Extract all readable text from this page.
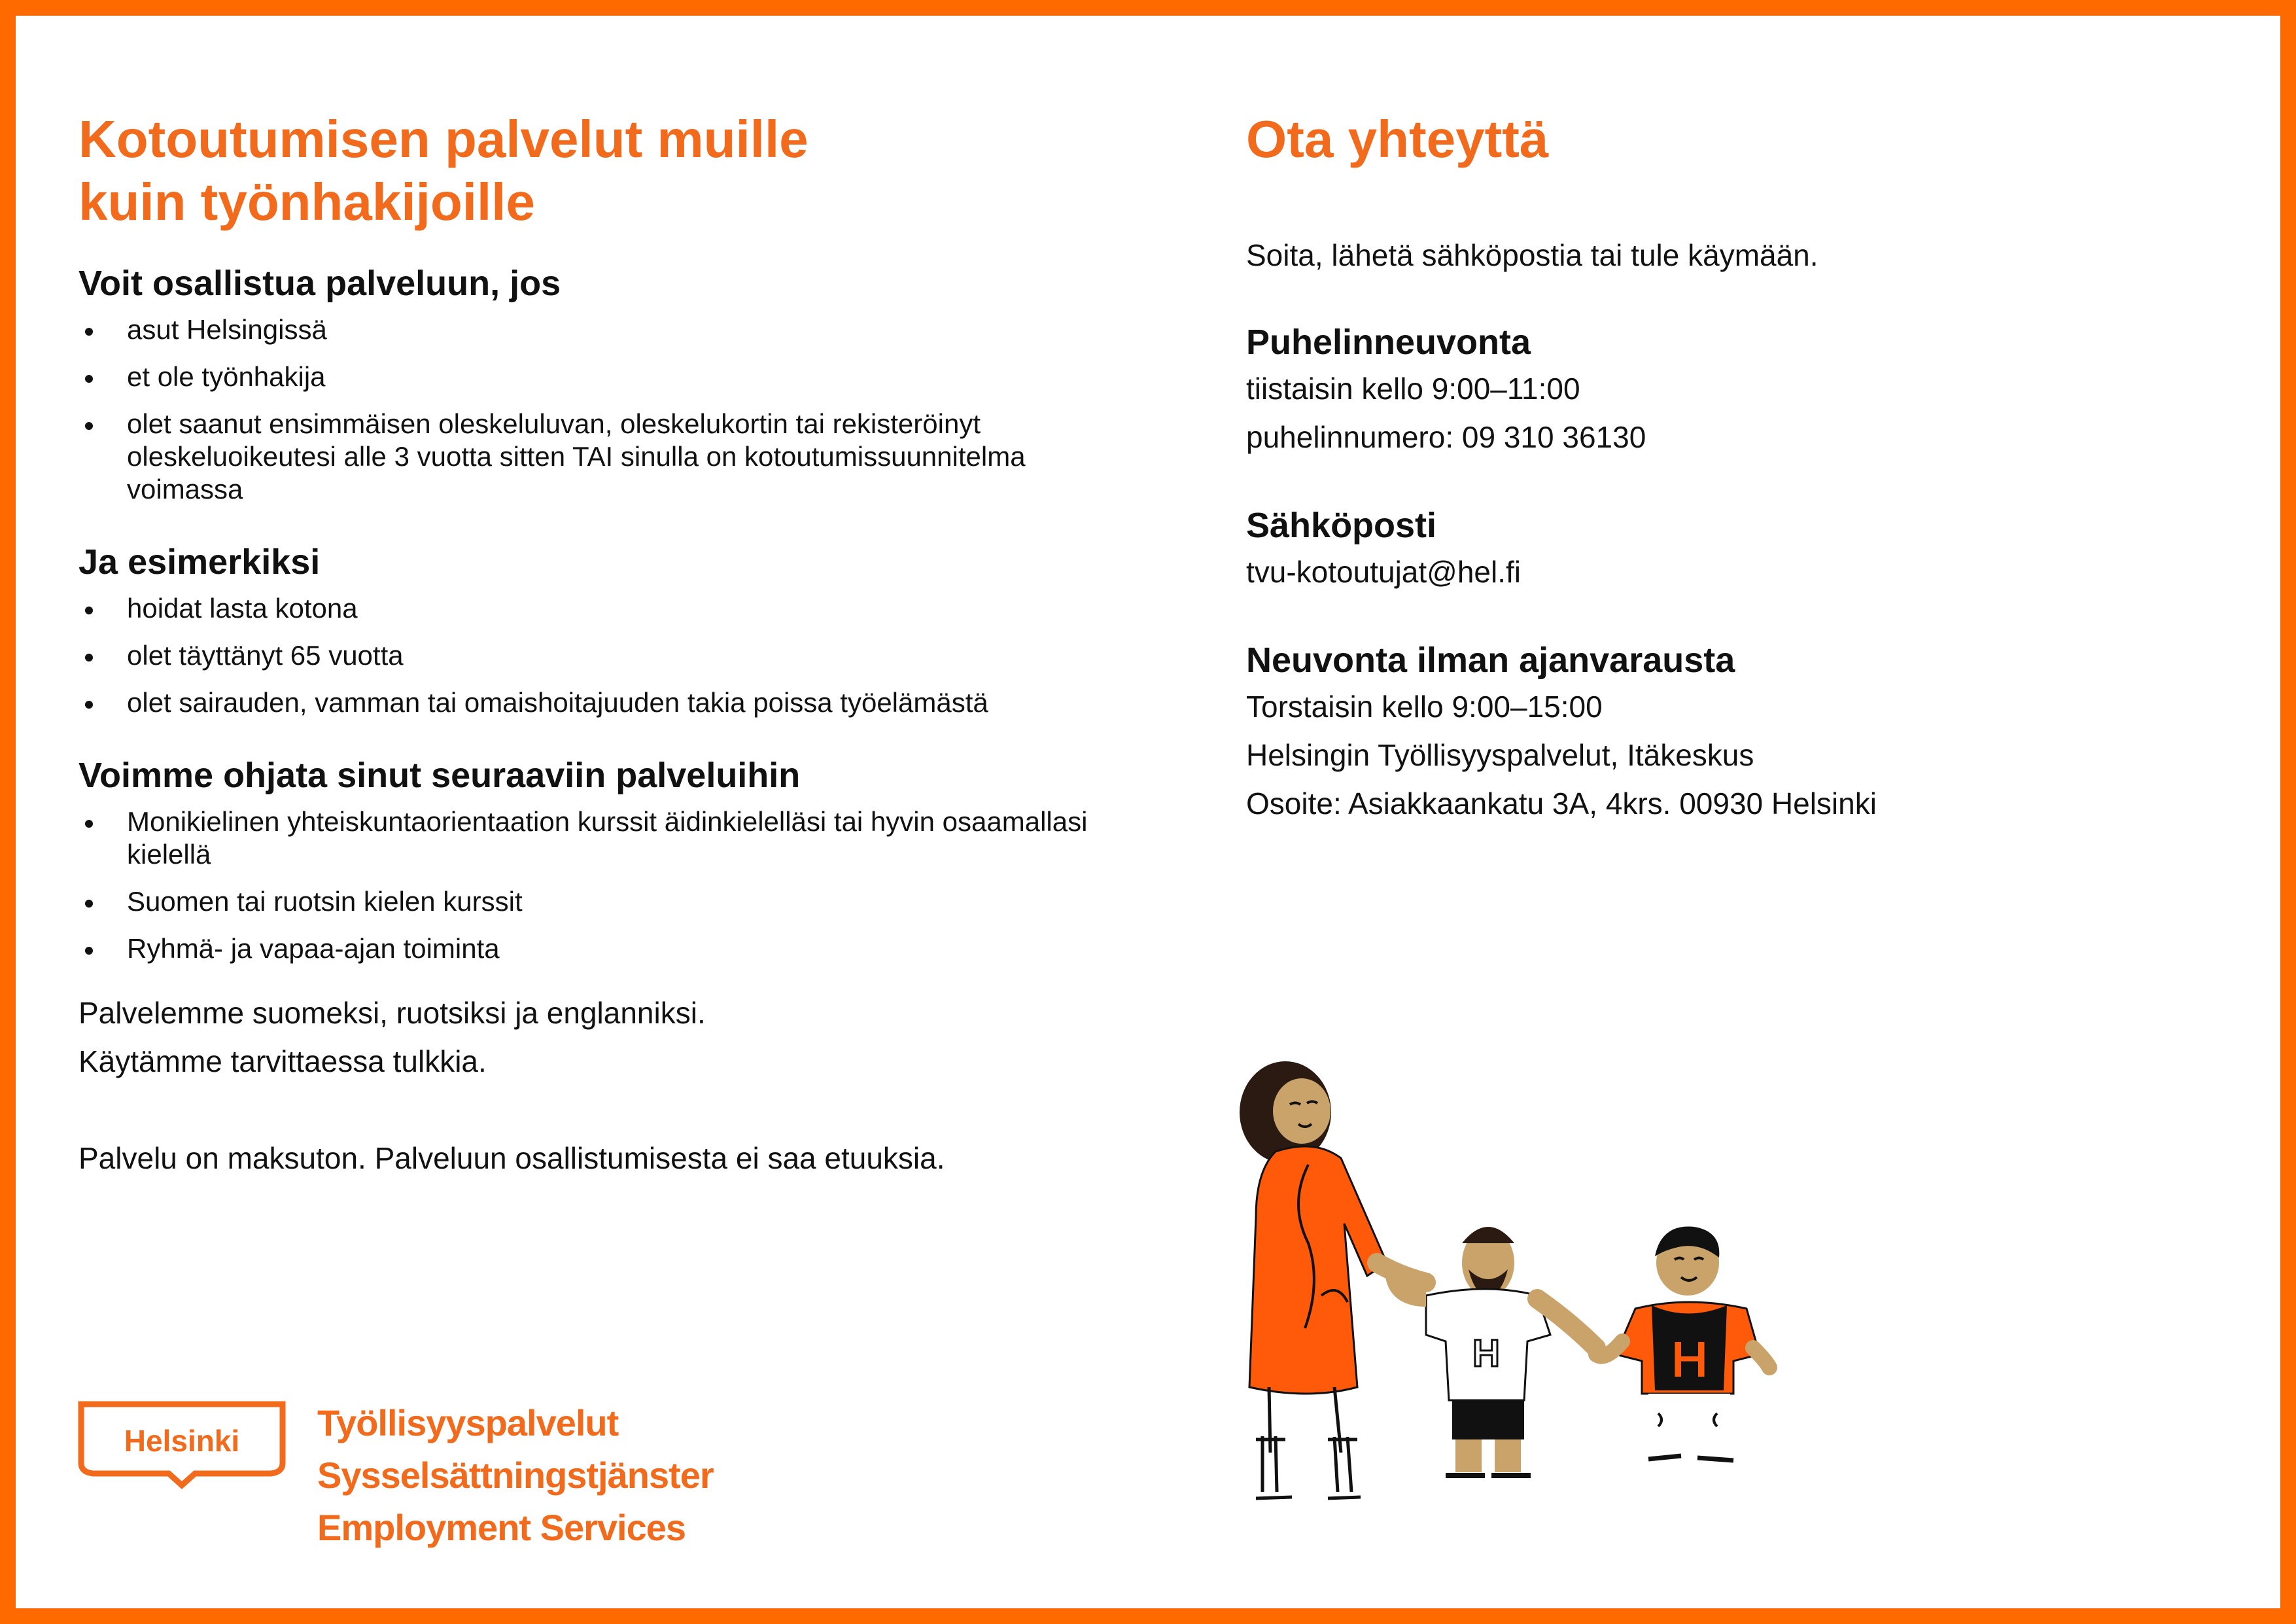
Kotoutumisen palvelut muille
kuin työnhakijoille
Voit osallistua palveluun, jos
asut Helsingissä
et ole työnhakija
olet saanut ensimmäisen oleskeluluvan, oleskelukortin tai rekisteröinyt oleskeluoikeutesi alle 3 vuotta sitten TAI sinulla on kotoutumissuunnitelma voimassa
Ja esimerkiksi
hoidat lasta kotona
olet täyttänyt 65 vuotta
olet sairauden, vamman tai omaishoitajuuden takia poissa työelämästä
Voimme ohjata sinut seuraaviin palveluihin
Monikielinen yhteiskuntaorientaation kurssit äidinkielelläsi tai hyvin osaamallasi kielellä
Suomen tai ruotsin kielen kurssit
Ryhmä- ja vapaa-ajan toiminta

Palvelemme suomeksi, ruotsiksi ja englanniksi.

Käytämme tarvittaessa tulkkia.

Palvelu on maksuton. Palveluun osallistumisesta ei saa etuuksia.

Ota yhteyttä

Soita, lähetä sähköpostia tai tule käymään.

Puhelinneuvonta

tiistaisin kello 9:00–11:00

puhelinnumero: 09 310 36130

Sähköposti

tvu-kotoutujat@hel.fi

Neuvonta ilman ajanvarausta

Torstaisin kello 9:00–15:00

Helsingin Työllisyyspalvelut, Itäkeskus

Osoite: Asiakkaankatu 3A, 4krs. 00930 Helsinki

Helsinki Työllisyyspalvelut
Sysselsättningstjänster
Employment Services
H	H
